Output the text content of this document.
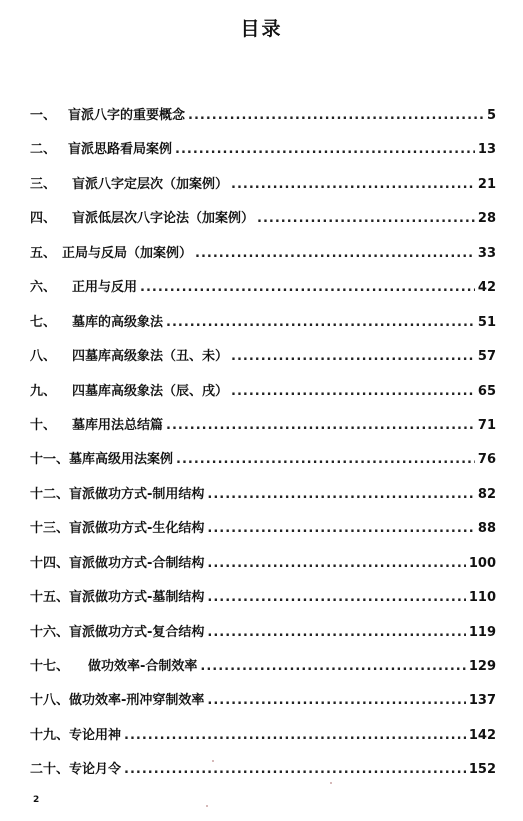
目录
一、 盲派八字的重要概念 .....	5
二、 盲派思路看局案例 .....	13
三、	盲派八字定层次（加案例） .....	21
四、	盲派低层次八字论法（加案例） .....	28
五、 正局与反局（加案例） .....	33
六、	正用与反用 .....	42
七、	墓库的高级象法 .....	51
八、	四墓库高级象法（丑、未） .....	57
九、	四墓库高级象法（辰、戌） .....	65
十、	墓库用法总结篇 .....	71
十一、 墓库高级用法案例 .....	76
十二、 盲派做功方式-制用结构 .....	82
十三、 盲派做功方式-生化结构 .....	88
十四、 盲派做功方式-合制结构 .....	100
十五、 盲派做功方式-墓制结构 .....	110
十六、 盲派做功方式-复合结构 .....	119
十七、	做功效率-合制效率 .....	129
十八、 做功效率-刑冲穿制效率 .....	137
十九、 专论用神 .....	142
二十、 专论月令 .....	152
2
